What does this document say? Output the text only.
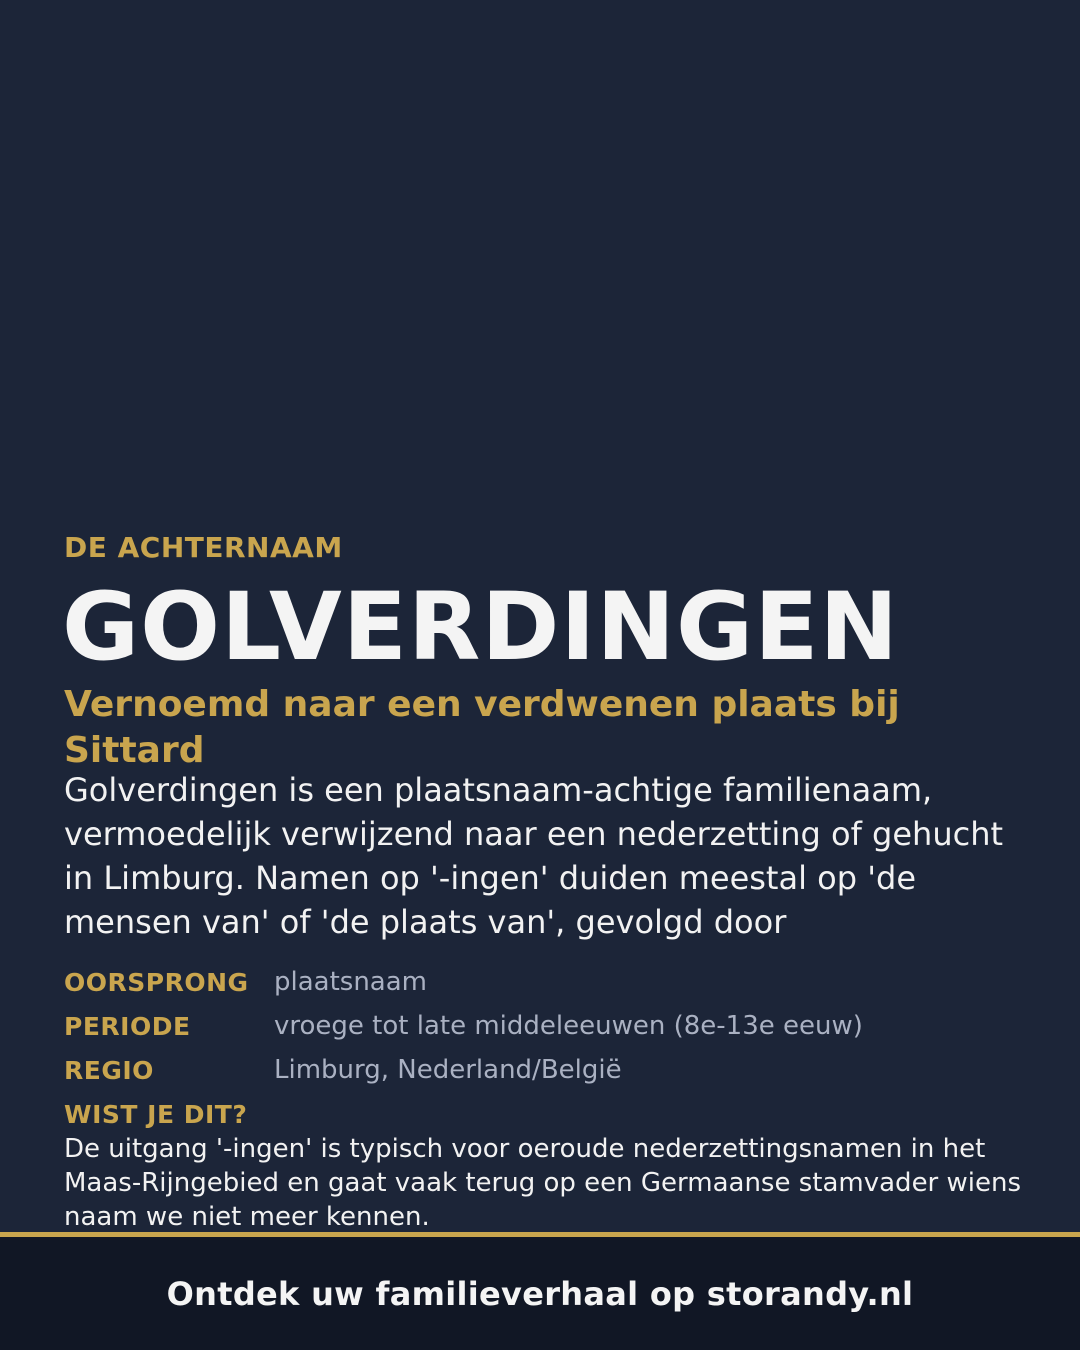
DE ACHTERNAAM
GOLVERDINGEN
Vernoemd naar een verdwenen plaats bij Sittard
Golverdingen is een plaatsnaam-achtige familienaam, vermoedelijk verwijzend naar een nederzetting of gehucht in Limburg. Namen op '-ingen' duiden meestal op 'de mensen van' of 'de plaats van', gevolgd door
OORSPRONG plaatsnaam
PERIODE	vroege tot late middeleeuwen (8e-13e eeuw)
REGIO	Limburg, Nederland/België
WIST JE DIT?
De uitgang '-ingen' is typisch voor oeroude nederzettingsnamen in het Maas-Rijngebied en gaat vaak terug op een Germaanse stamvader wiens naam we niet meer kennen.
Ontdek uw familieverhaal op storandy.nl
